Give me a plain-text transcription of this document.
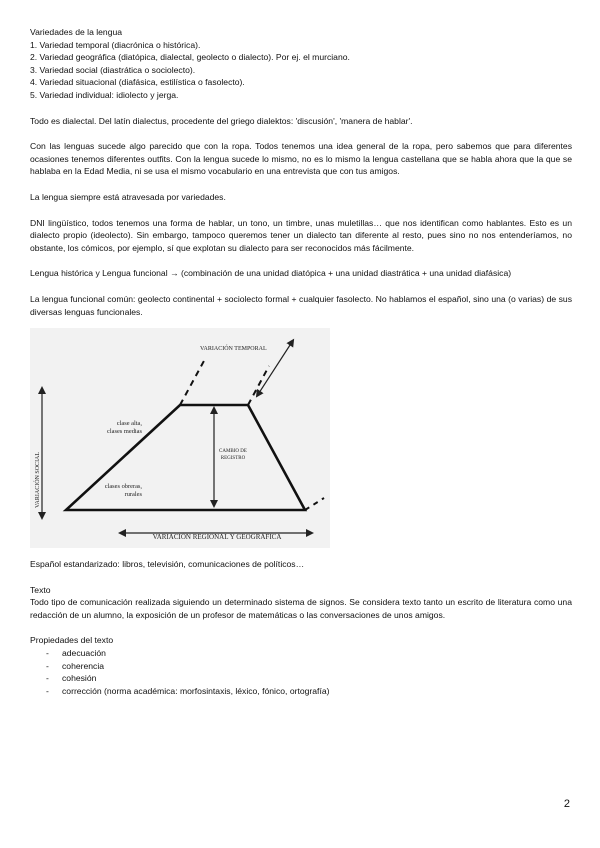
Variedades de la lengua

1. Variedad temporal (diacrónica o histórica).

2. Variedad geográfica (diatópica, dialectal, geolecto o dialecto). Por ej. el murciano.

3. Variedad social (diastrática o sociolecto).

4. Variedad situacional (diafásica, estilística o fasolecto).

5. Variedad individual: idiolecto y jerga.

Todo es dialectal. Del latín dialectus, procedente del griego dialektos: 'discusión', 'manera de hablar'.

Con las lenguas sucede algo parecido que con la ropa. Todos tenemos una idea general de la ropa, pero sabemos que para diferentes ocasiones tenemos diferentes outfits. Con la lengua sucede lo mismo, no es lo mismo la lengua castellana que se habla ahora que la que se hablaba en la Edad Media, ni se usa el mismo vocabulario en una entrevista que con tus amigos.

La lengua siempre está atravesada por variedades.

DNI lingüístico, todos tenemos una forma de hablar, un tono, un timbre, unas muletillas… que nos identifican como hablantes. Esto es un dialecto propio (ideolecto). Sin embargo, tampoco queremos tener un dialecto tan diferente al resto, pues sino no nos entenderíamos, no obstante, los cómicos, por ejemplo, sí que explotan su dialecto para ser reconocidos más fácilmente.

Lengua histórica y Lengua funcional → (combinación de una unidad diatópica + una unidad diastrática + una unidad diafásica)

La lengua funcional común: geolecto continental + sociolecto formal + cualquier fasolecto. No hablamos el español, sino una (o varias) de sus diversas lenguas funcionales.

VARIACIÓN TEMPORAL
VARIACIÓN SOCIAL
clase alta,
clases medias
clases obreras,
rurales
CAMBIO DE
REGISTRO
VARIACIÓN REGIONAL Y GEOGRÁFICA

Español estandarizado: libros, televisión, comunicaciones de políticos…

Texto

Todo tipo de comunicación realizada siguiendo un determinado sistema de signos. Se considera texto tanto un escrito de literatura como una redacción de un alumno, la exposición de un profesor de matemáticas o las conversaciones de unos amigos.

Propiedades del texto

- adecuación
- coherencia
- cohesión
- corrección (norma académica: morfosintaxis, léxico, fónico, ortografía)
2
